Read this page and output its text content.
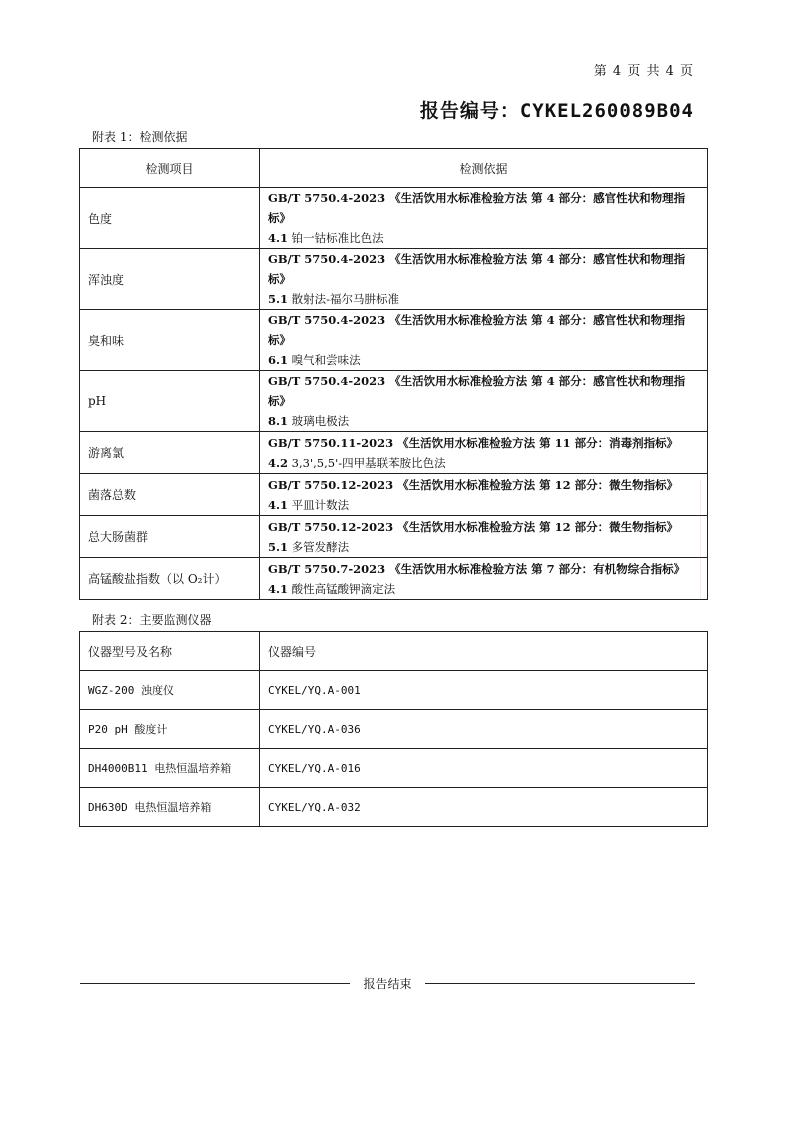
第 4 页 共 4 页
报告编号：CYKEL260089B04
附表 1：检测依据
检测项目	检测依据
色度	GB/T 5750.4-2023 《生活饮用水标准检验方法 第 4 部分：感官性状和物理指标》
4.1 铂一钴标准比色法

浑浊度	GB/T 5750.4-2023 《生活饮用水标准检验方法 第 4 部分：感官性状和物理指标》
5.1 散射法-福尔马肼标准

臭和味	GB/T 5750.4-2023 《生活饮用水标准检验方法 第 4 部分：感官性状和物理指标》
6.1 嗅气和尝味法

pH	GB/T 5750.4-2023 《生活饮用水标准检验方法 第 4 部分：感官性状和物理指标》
8.1 玻璃电极法

游离氯	GB/T 5750.11-2023 《生活饮用水标准检验方法 第 11 部分：消毒剂指标》
4.2 3,3',5,5'-四甲基联苯胺比色法

菌落总数	GB/T 5750.12-2023 《生活饮用水标准检验方法 第 12 部分：微生物指标》
4.1 平皿计数法

总大肠菌群	GB/T 5750.12-2023 《生活饮用水标准检验方法 第 12 部分：微生物指标》
5.1 多管发酵法

高锰酸盐指数（以 O₂计）	GB/T 5750.7-2023 《生活饮用水标准检验方法 第 7 部分：有机物综合指标》
4.1 酸性高锰酸钾滴定法
附表 2：主要监测仪器
仪器型号及名称	仪器编号
WGZ-200 浊度仪	CYKEL/YQ.A-001
P20 pH 酸度计	CYKEL/YQ.A-036
DH4000B11 电热恒温培养箱	CYKEL/YQ.A-016
DH630D 电热恒温培养箱	CYKEL/YQ.A-032
报告结束
